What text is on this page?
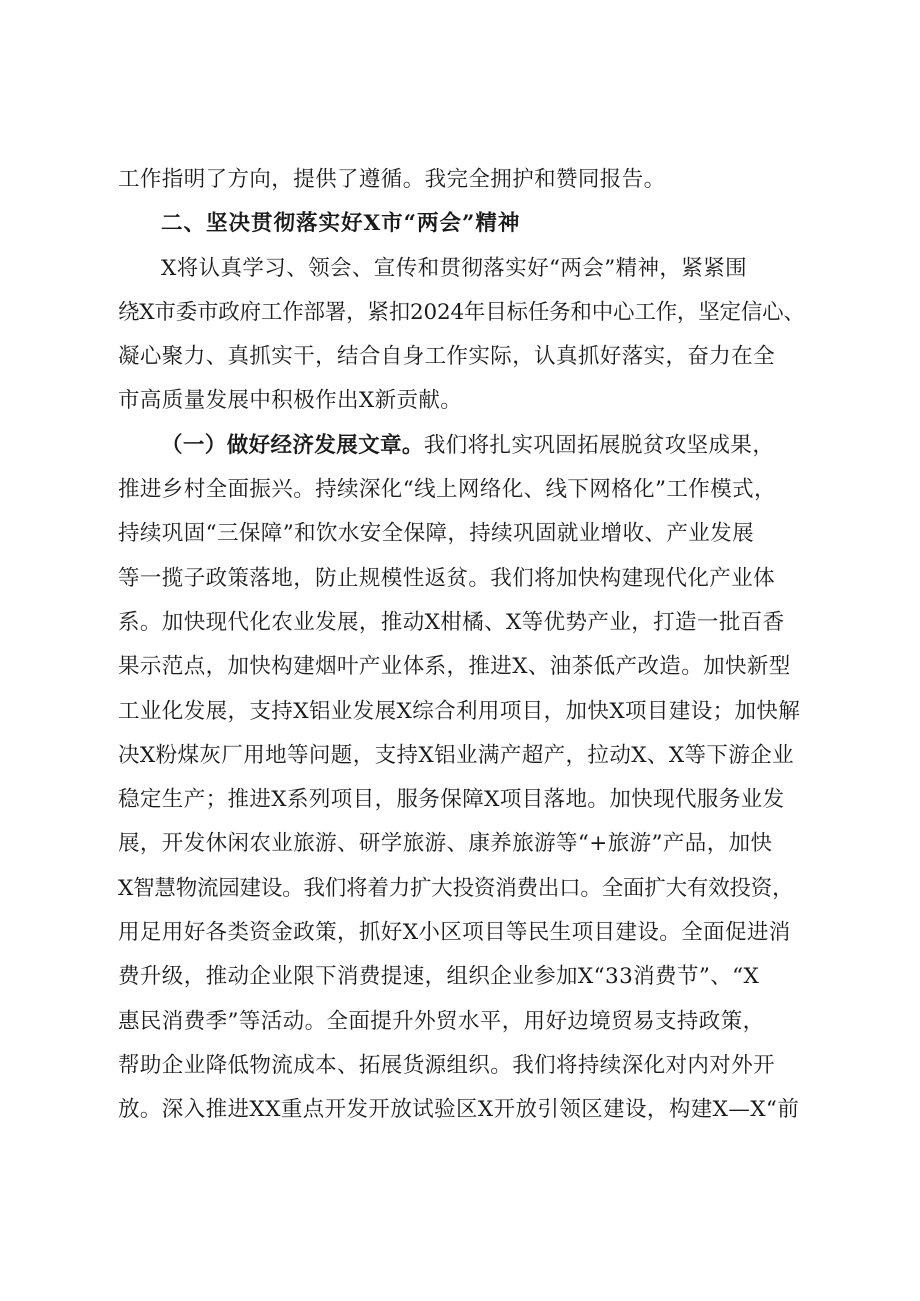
工作指明了方向，提供了遵循。我完全拥护和赞同报告。
二、坚决贯彻落实好X市“两会”精神
X将认真学习、领会、宣传和贯彻落实好“两会”精神，紧紧围
绕X市委市政府工作部署，紧扣2024年目标任务和中心工作，坚定信心、
凝心聚力、真抓实干，结合自身工作实际，认真抓好落实，奋力在全
市高质量发展中积极作出X新贡献。
（一）做好经济发展文章。我们将扎实巩固拓展脱贫攻坚成果，
推进乡村全面振兴。持续深化“线上网络化、线下网格化”工作模式，
持续巩固“三保障”和饮水安全保障，持续巩固就业增收、产业发展
等一揽子政策落地，防止规模性返贫。我们将加快构建现代化产业体
系。加快现代化农业发展，推动X柑橘、X等优势产业，打造一批百香
果示范点，加快构建烟叶产业体系，推进X、油茶低产改造。加快新型
工业化发展，支持X铝业发展X综合利用项目，加快X项目建设；加快解
决X粉煤灰厂用地等问题，支持X铝业满产超产，拉动X、X等下游企业
稳定生产；推进X系列项目，服务保障X项目落地。加快现代服务业发
展，开发休闲农业旅游、研学旅游、康养旅游等“+旅游”产品，加快
X智慧物流园建设。我们将着力扩大投资消费出口。全面扩大有效投资，
用足用好各类资金政策，抓好X小区项目等民生项目建设。全面促进消
费升级，推动企业限下消费提速，组织企业参加X“33消费节”、“X
惠民消费季”等活动。全面提升外贸水平，用好边境贸易支持政策，
帮助企业降低物流成本、拓展货源组织。我们将持续深化对内对外开
放。深入推进XX重点开发开放试验区X开放引领区建设，构建X—X“前
